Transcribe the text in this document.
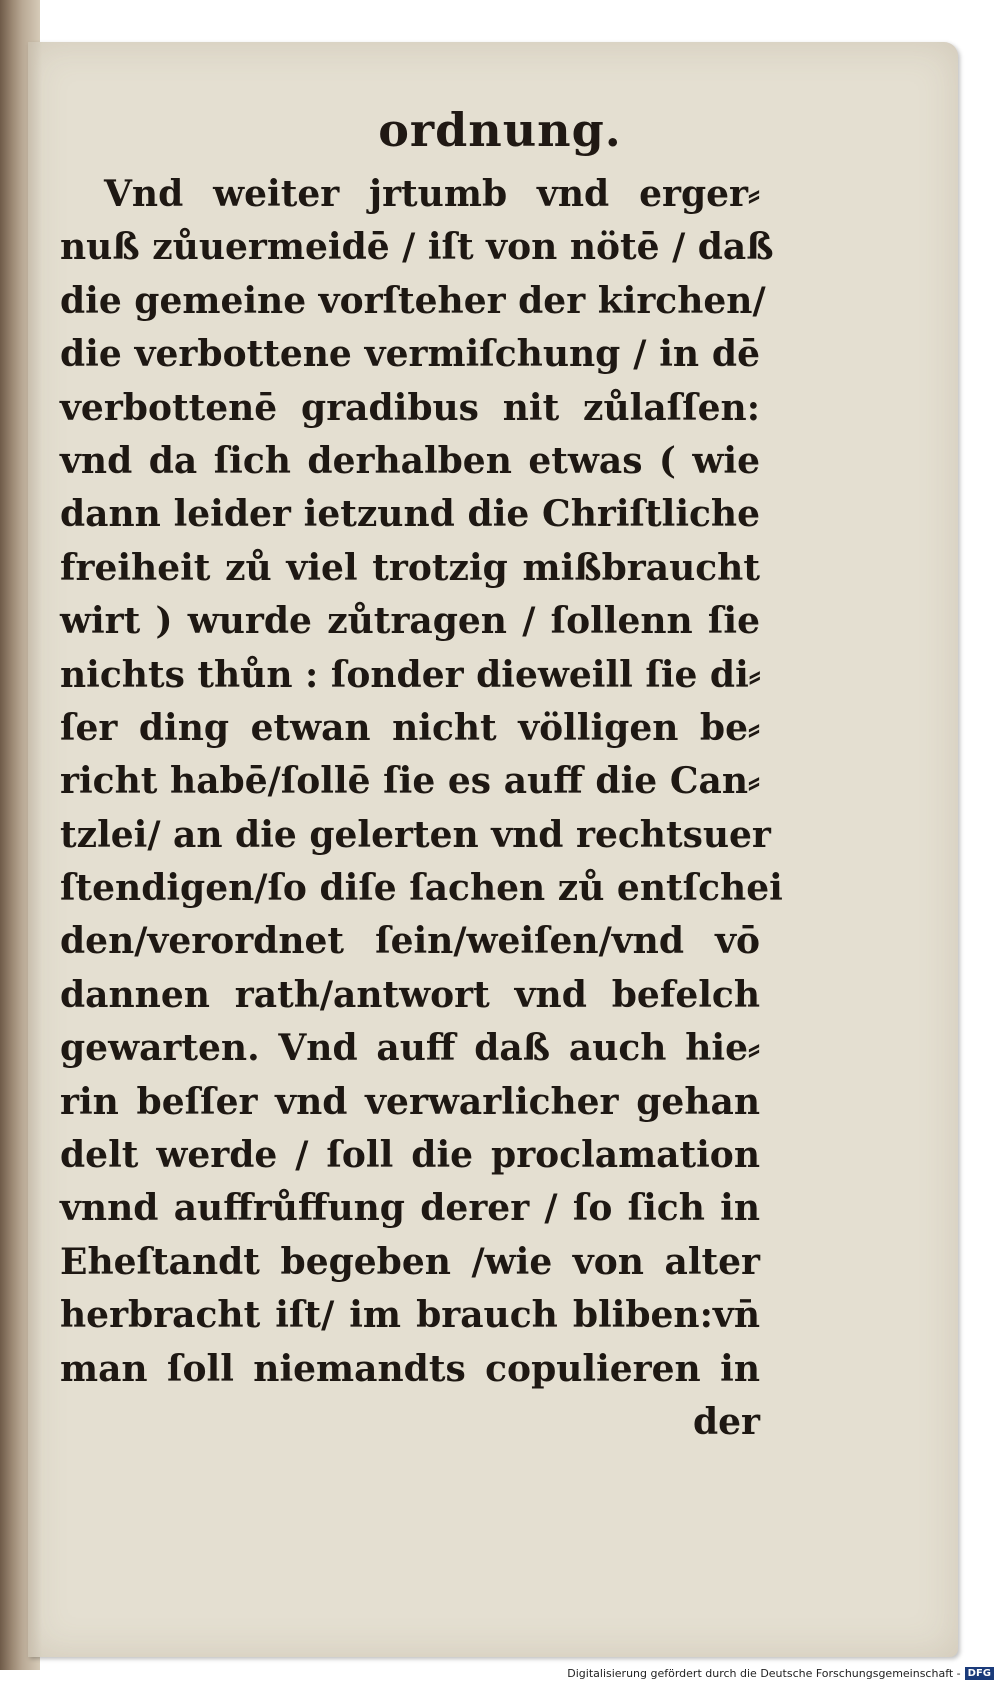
ordnung.
Vnd weiter jrtumb vnd erger⸗
nuß zůuermeidē / iſt von nötē / daß
die gemeine vorſteher der kirchen/
die verbottene vermiſchung / in dē
verbottenē gradibus nit zůlaſſen:
vnd da ſich derhalben etwas ( wie
dann leider ietzund die Chriſtliche
freiheit zů viel trotzig mißbraucht
wirt ) wurde zůtragen / ſollenn ſie
nichts thůn : ſonder dieweill ſie di⸗
ſer ding etwan nicht völligen be⸗
richt habē/ſollē ſie es auff die Can⸗
tzlei/ an die gelerten vnd rechtsuer
ſtendigen/ſo diſe ſachen zů entſchei
den/verordnet ſein/weiſen/vnd vō
dannen rath/antwort vnd befelch
gewarten. Vnd auff daß auch hie⸗
rin beſſer vnd verwarlicher gehan
delt werde / ſoll die proclamation
vnnd auffrůffung derer / ſo ſich in
Eheſtandt begeben /wie von alter
herbracht iſt/ im brauch bliben:vn̄
man ſoll niemandts copulieren in
der
Digitalisierung gefördert durch die Deutsche Forschungsgemeinschaft - DFG
